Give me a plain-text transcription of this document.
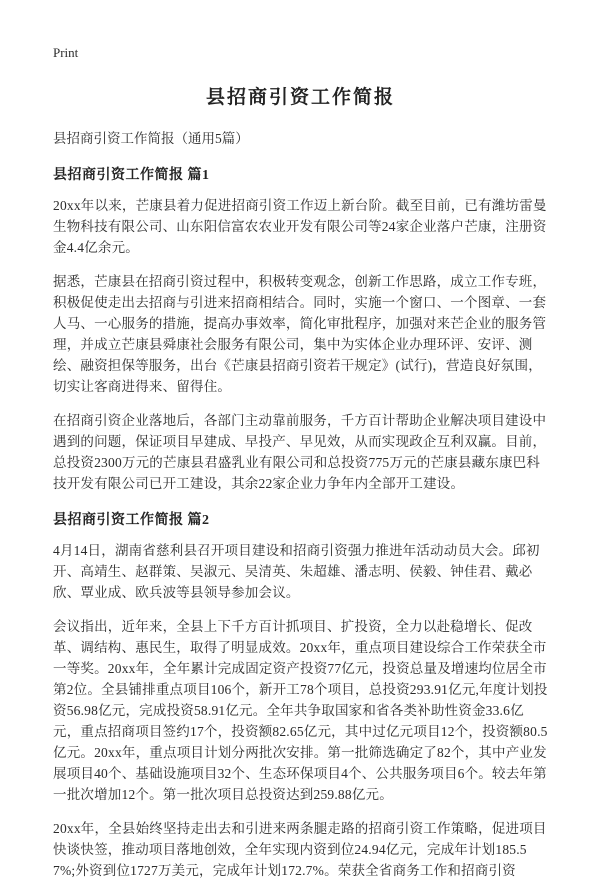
Print
县招商引资工作简报

县招商引资工作简报（通用5篇）

县招商引资工作简报 篇1

20xx年以来，芒康县着力促进招商引资工作迈上新台阶。截至目前，已有潍坊雷曼生物科技有限公司、山东阳信富农农业开发有限公司等24家企业落户芒康，注册资金4.4亿余元。

据悉，芒康县在招商引资过程中，积极转变观念，创新工作思路，成立工作专班，积极促使走出去招商与引进来招商相结合。同时，实施一个窗口、一个图章、一套人马、一心服务的措施，提高办事效率，简化审批程序，加强对来芒企业的服务管理，并成立芒康县舜康社会服务有限公司，集中为实体企业办理环评、安评、测绘、融资担保等服务，出台《芒康县招商引资若干规定》(试行)，营造良好氛围，切实让客商进得来、留得住。

在招商引资企业落地后，各部门主动靠前服务，千方百计帮助企业解决项目建设中遇到的问题，保证项目早建成、早投产、早见效，从而实现政企互利双赢。目前，总投资2300万元的芒康县君盛乳业有限公司和总投资775万元的芒康县藏东康巴科技开发有限公司已开工建设，其余22家企业力争年内全部开工建设。

县招商引资工作简报 篇2

4月14日，湖南省慈利县召开项目建设和招商引资强力推进年活动动员大会。邱初开、高靖生、赵群策、吴淑元、吴清英、朱超雄、潘志明、侯毅、钟佳君、戴必欣、覃业成、欧兵波等县领导参加会议。

会议指出，近年来，全县上下千方百计抓项目、扩投资，全力以赴稳增长、促改革、调结构、惠民生，取得了明显成效。20xx年，重点项目建设综合工作荣获全市一等奖。20xx年，全年累计完成固定资产投资77亿元，投资总量及增速均位居全市第2位。全县铺排重点项目106个，新开工78个项目，总投资293.91亿元,年度计划投资56.98亿元，完成投资58.91亿元。全年共争取国家和省各类补助性资金33.6亿元，重点招商项目签约17个，投资额82.65亿元，其中过亿元项目12个，投资额80.5亿元。20xx年，重点项目计划分两批次安排。第一批筛选确定了82个，其中产业发展项目40个、基础设施项目32个、生态环保项目4个、公共服务项目6个。较去年第一批次增加12个。第一批次项目总投资达到259.88亿元。

20xx年，全县始终坚持走出去和引进来两条腿走路的招商引资工作策略，促进项目快谈快签，推动项目落地创效，全年实现内资到位24.94亿元，完成年计划185.57%;外资到位1727万美元，完成年计划172.7%。荣获全省商务工作和招商引资
